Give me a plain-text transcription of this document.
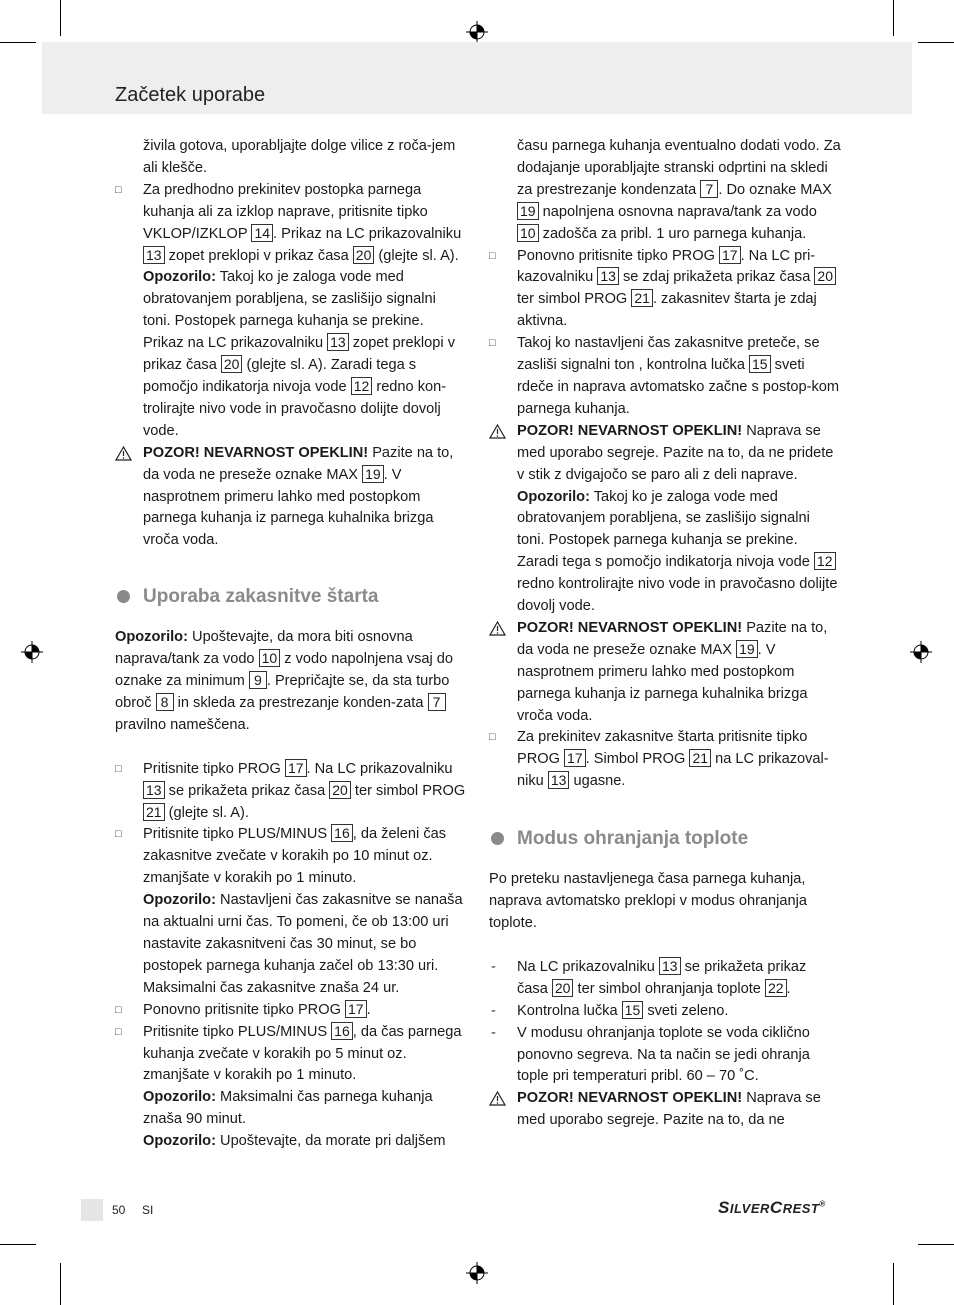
Začetek uporabe

živila gotova, uporabljajte dolge vilice z roča-jem ali klešče.

□ Za predhodno prekinitev postopka parnega kuhanja ali za izklop naprave, pritisnite tipko VKLOP/IZKLOP 14 . Prikaz na LC prikazovalniku 13 zopet preklopi v prikaz časa 20 (glejte sl. A).
Opozorilo: Takoj ko je zaloga vode med obratovanjem porabljena, se zaslišijo signalni toni. Postopek parnega kuhanja se prekine. Prikaz na LC prikazovalniku 13 zopet preklopi v prikaz časa 20 (glejte sl. A). Zaradi tega s pomočjo indikatorja nivoja vode 12 redno kon-trolirajte nivo vode in pravočasno dolijte dovolj vode.
POZOR! NEVARNOST OPEKLIN! Pazite na to, da voda ne preseže oznake MAX 19 . V nasprotnem primeru lahko med postopkom parnega kuhanja iz parnega kuhalnika brizga vroča voda.
Uporaba zakasnitve štarta

Opozorilo: Upoštevajte, da mora biti osnovna naprava/tank za vodo 10 z vodo napolnjena vsaj do oznake za minimum 9 . Prepričajte se, da sta turbo obroč 8 in skleda za prestrezanje konden-zata 7 pravilno nameščena.

□ Pritisnite tipko PROG 17 . Na LC prikazovalniku 13 se prikažeta prikaz časa 20 ter simbol PROG 21 (glejte sl. A).
□ Pritisnite tipko PLUS/MINUS 16 , da želeni čas zakasnitve zvečate v korakih po 10 minut oz. zmanjšate v korakih po 1 minuto.
Opozorilo: Nastavljeni čas zakasnitve se nanaša na aktualni urni čas. To pomeni, če ob 13:00 uri nastavite zakasnitveni čas 30 minut, se bo postopek parnega kuhanja začel ob 13:30 uri. Maksimalni čas zakasnitve znaša 24 ur.
□ Ponovno pritisnite tipko PROG 17 .
□ Pritisnite tipko PLUS/MINUS 16 , da čas parnega kuhanja zvečate v korakih po 5 minut oz. zmanjšate v korakih po 1 minuto.
Opozorilo: Maksimalni čas parnega kuhanja znaša 90 minut.
Opozorilo: Upoštevajte, da morate pri daljšem

času parnega kuhanja eventualno dodati vodo. Za dodajanje uporabljajte stranski odprtini na skledi za prestrezanje kondenzata 7 . Do oznake MAX 19 napolnjena osnovna naprava/tank za vodo 10 zadošča za pribl. 1 uro parnega kuhanja.

□ Ponovno pritisnite tipko PROG 17 . Na LC pri-kazovalniku 13 se zdaj prikažeta prikaz časa 20 ter simbol PROG 21 . zakasnitev štarta je zdaj aktivna.
□ Takoj ko nastavljeni čas zakasnitve preteče, se zasliši signalni ton , kontrolna lučka 15 sveti rdeče in naprava avtomatsko začne s postop-kom parnega kuhanja.
POZOR! NEVARNOST OPEKLIN! Naprava se med uporabo segreje. Pazite na to, da ne pridete v stik z dvigajočo se paro ali z deli naprave.
Opozorilo: Takoj ko je zaloga vode med obratovanjem porabljena, se zaslišijo signalni toni. Postopek parnega kuhanja se prekine. Zaradi tega s pomočjo indikatorja nivoja vode 12 redno kontrolirajte nivo vode in pravočasno dolijte dovolj vode.
POZOR! NEVARNOST OPEKLIN! Pazite na to, da voda ne preseže oznake MAX 19 . V nasprotnem primeru lahko med postopkom parnega kuhanja iz parnega kuhalnika brizga vroča voda.
□ Za prekinitev zakasnitve štarta pritisnite tipko PROG 17 . Simbol PROG 21 na LC prikazoval-niku 13 ugasne.
Modus ohranjanja toplote

Po preteku nastavljenega časa parnega kuhanja, naprava avtomatsko preklopi v modus ohranjanja toplote.

- Na LC prikazovalniku 13 se prikažeta prikaz časa 20 ter simbol ohranjanja toplote 22 .
- Kontrolna lučka 15 sveti zeleno.
- V modusu ohranjanja toplote se voda ciklično ponovno segreva. Na ta način se jedi ohranja tople pri temperaturi pribl. 60 – 70 ˚C.
POZOR! NEVARNOST OPEKLIN! Naprava se med uporabo segreje. Pazite na to, da ne
50 SI	SILVERCREST®
